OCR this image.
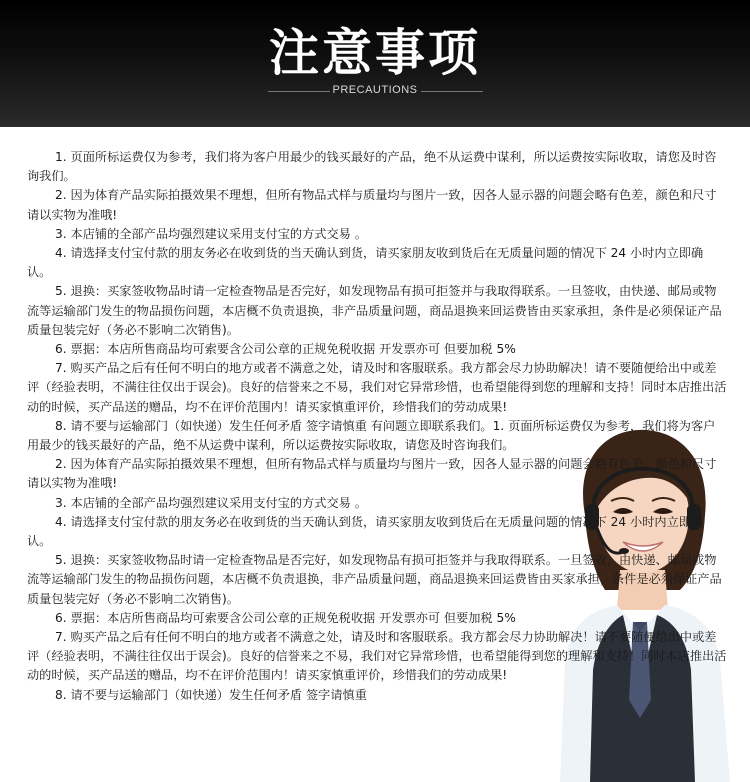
注意事项
PRECAUTIONS

1. 页面所标运费仅为参考，我们将为客户用最少的钱买最好的产品，绝不从运费中谋利，所以运费按实际收取，请您及时咨询我们。

2. 因为体育产品实际拍摄效果不理想，但所有物品式样与质量均与图片一致，因各人显示器的问题会略有色差，颜色和尺寸请以实物为准哦!

3. 本店铺的全部产品均强烈建议采用支付宝的方式交易 。

4. 请选择支付宝付款的朋友务必在收到货的当天确认到货，请买家朋友收到货后在无质量问题的情况下 24 小时内立即确认。

5. 退换：买家签收物品时请一定检查物品是否完好，如发现物品有损可拒签并与我取得联系。一旦签收，由快递、邮局或物流等运输部门发生的物品损伤问题，本店概不负责退换，非产品质量问题，商品退换来回运费皆由买家承担，条件是必须保证产品质量包装完好（务必不影响二次销售)。

6. 票据：本店所售商品均可索要含公司公章的正规免税收据 开发票亦可 但要加税 5%

7. 购买产品之后有任何不明白的地方或者不满意之处，请及时和客服联系。我方都会尽力协助解决！请不要随便给出中或差评（经验表明，不满往往仅出于误会)。良好的信誉来之不易，我们对它异常珍惜，也希望能得到您的理解和支持！同时本店推出活动的时候，买产品送的赠品，均不在评价范围内！请买家慎重评价，珍惜我们的劳动成果!

8. 请不要与运输部门（如快递）发生任何矛盾 签字请慎重 有问题立即联系我们。1. 页面所标运费仅为参考，我们将为客户用最少的钱买最好的产品，绝不从运费中谋利，所以运费按实际收取，请您及时咨询我们。

2. 因为体育产品实际拍摄效果不理想，但所有物品式样与质量均与图片一致，因各人显示器的问题会略有色差，颜色和尺寸请以实物为准哦!

3. 本店铺的全部产品均强烈建议采用支付宝的方式交易 。

4. 请选择支付宝付款的朋友务必在收到货的当天确认到货，请买家朋友收到货后在无质量问题的情况下 24 小时内立即确认。

5. 退换：买家签收物品时请一定检查物品是否完好，如发现物品有损可拒签并与我取得联系。一旦签收，由快递、邮局或物流等运输部门发生的物品损伤问题，本店概不负责退换，非产品质量问题，商品退换来回运费皆由买家承担，条件是必须保证产品质量包装完好（务必不影响二次销售)。

6. 票据：本店所售商品均可索要含公司公章的正规免税收据 开发票亦可 但要加税 5%

7. 购买产品之后有任何不明白的地方或者不满意之处，请及时和客服联系。我方都会尽力协助解决！请不要随便给出中或差评（经验表明，不满往往仅出于误会)。良好的信誉来之不易，我们对它异常珍惜，也希望能得到您的理解和支持！同时本店推出活动的时候，买产品送的赠品，均不在评价范围内！请买家慎重评价，珍惜我们的劳动成果!

8. 请不要与运输部门（如快递）发生任何矛盾 签字请慎重
